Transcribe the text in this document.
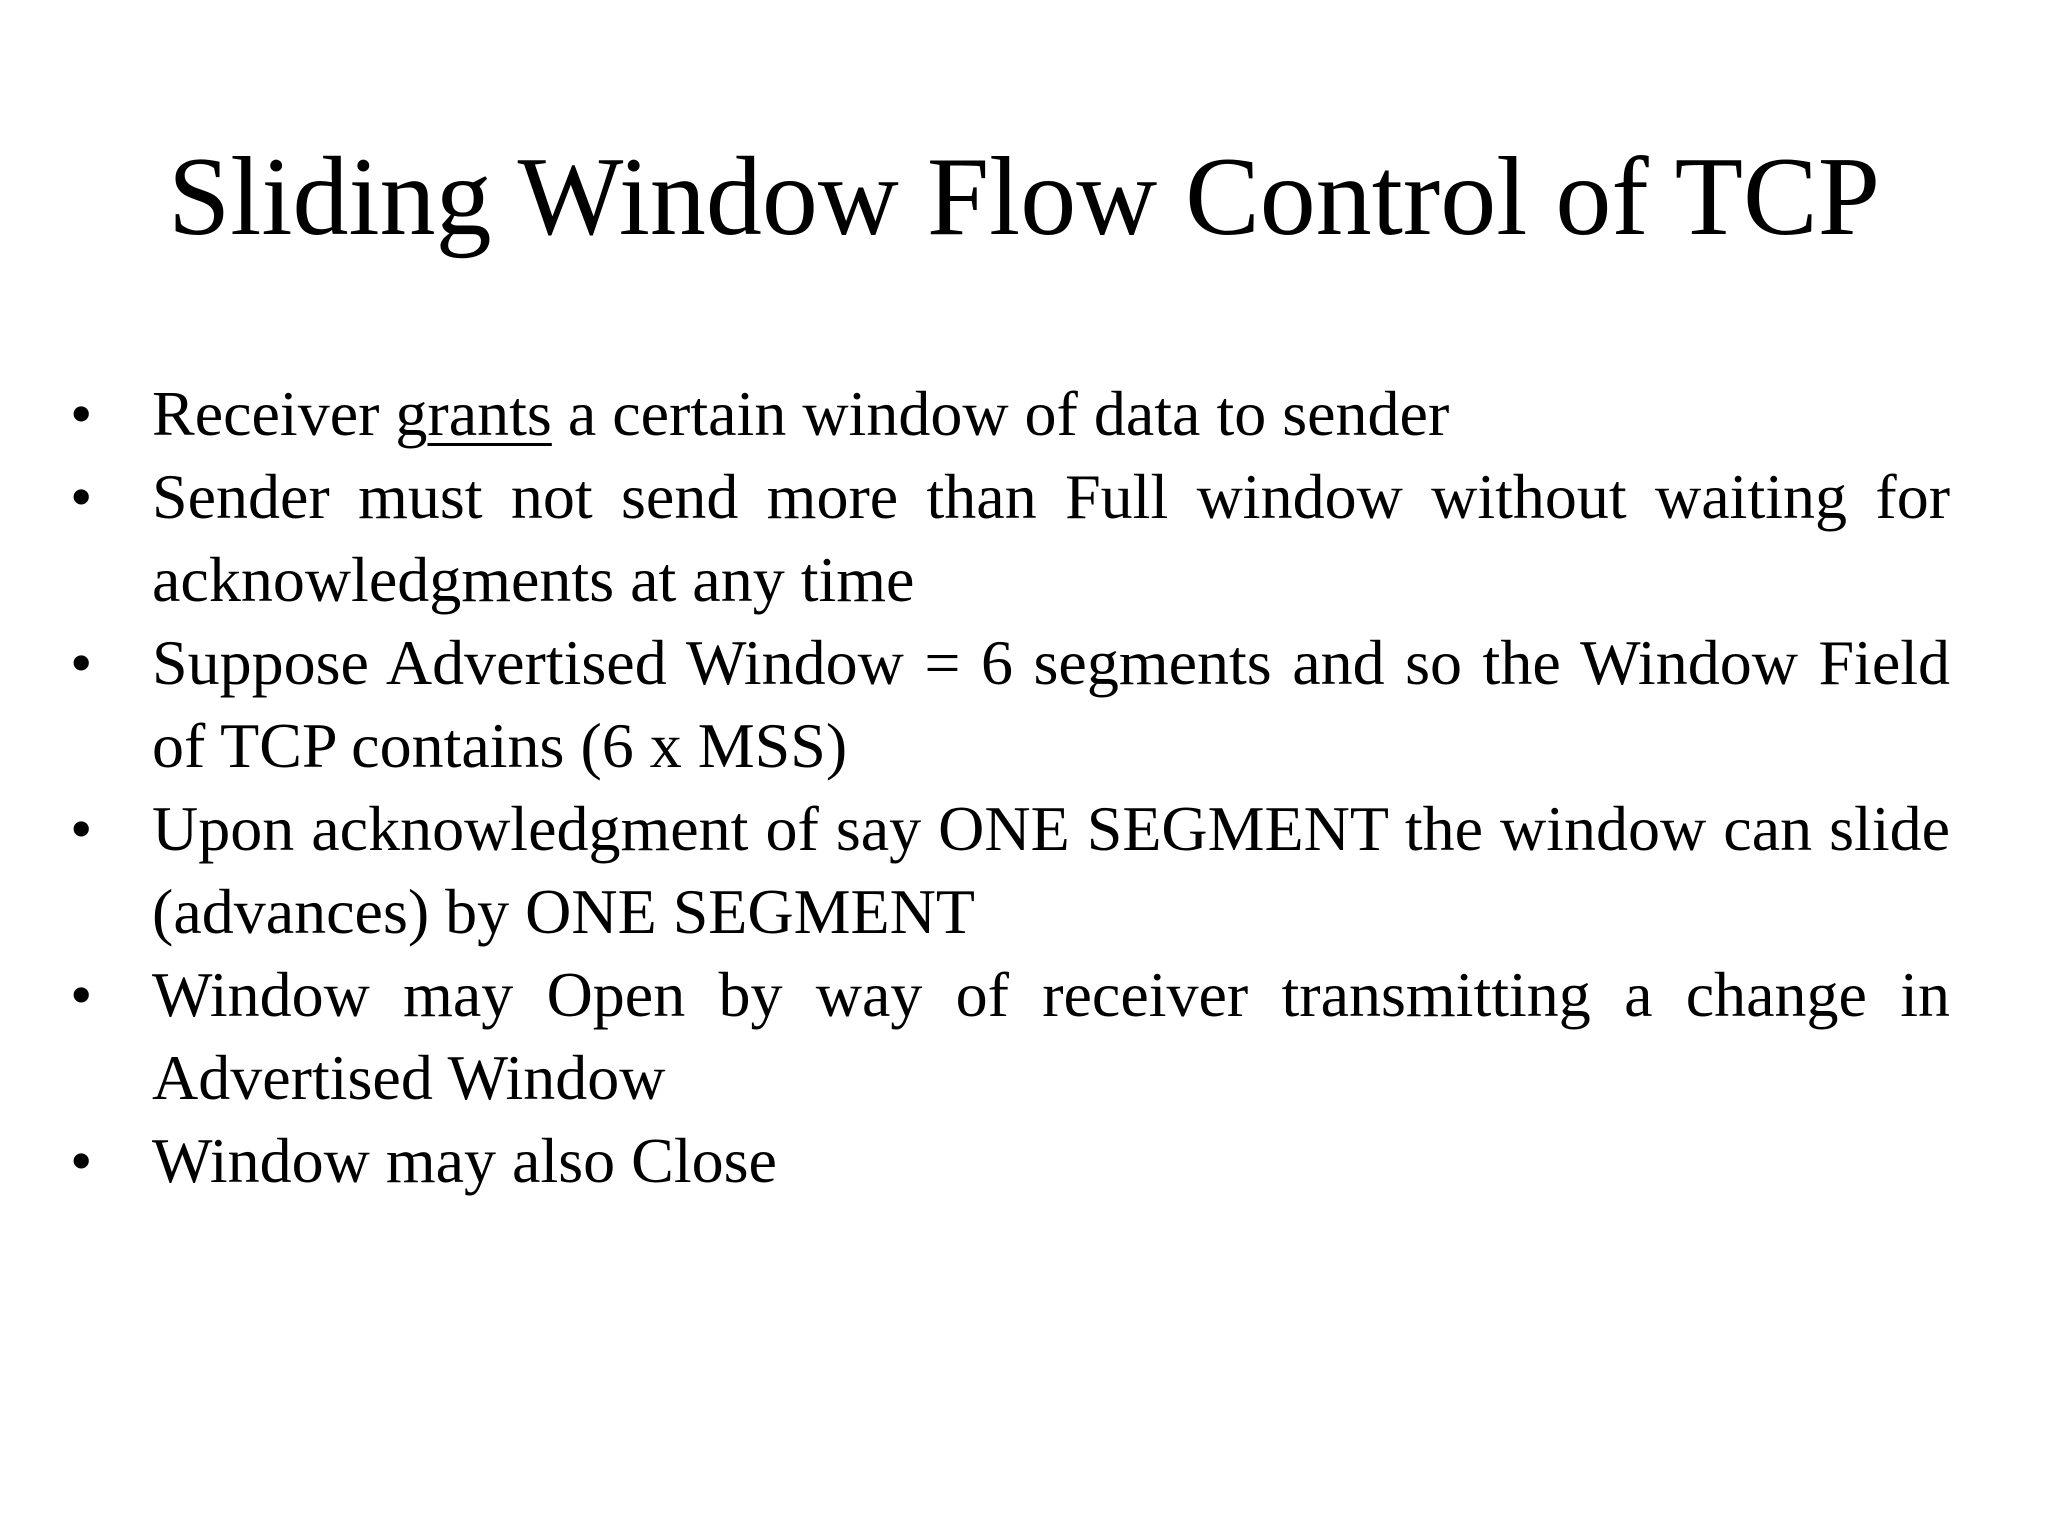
Sliding Window Flow Control of TCP
• Receiver grants a certain window of data to sender
• Sender must not send more than Full window without waiting for acknowledgments at any time
• Suppose Advertised Window = 6 segments and so the Window Field of TCP contains (6 x MSS)
• Upon acknowledgment of say ONE SEGMENT the window can slide (advances) by ONE SEGMENT
• Window may Open by way of receiver transmitting a change in Advertised Window
• Window may also Close
